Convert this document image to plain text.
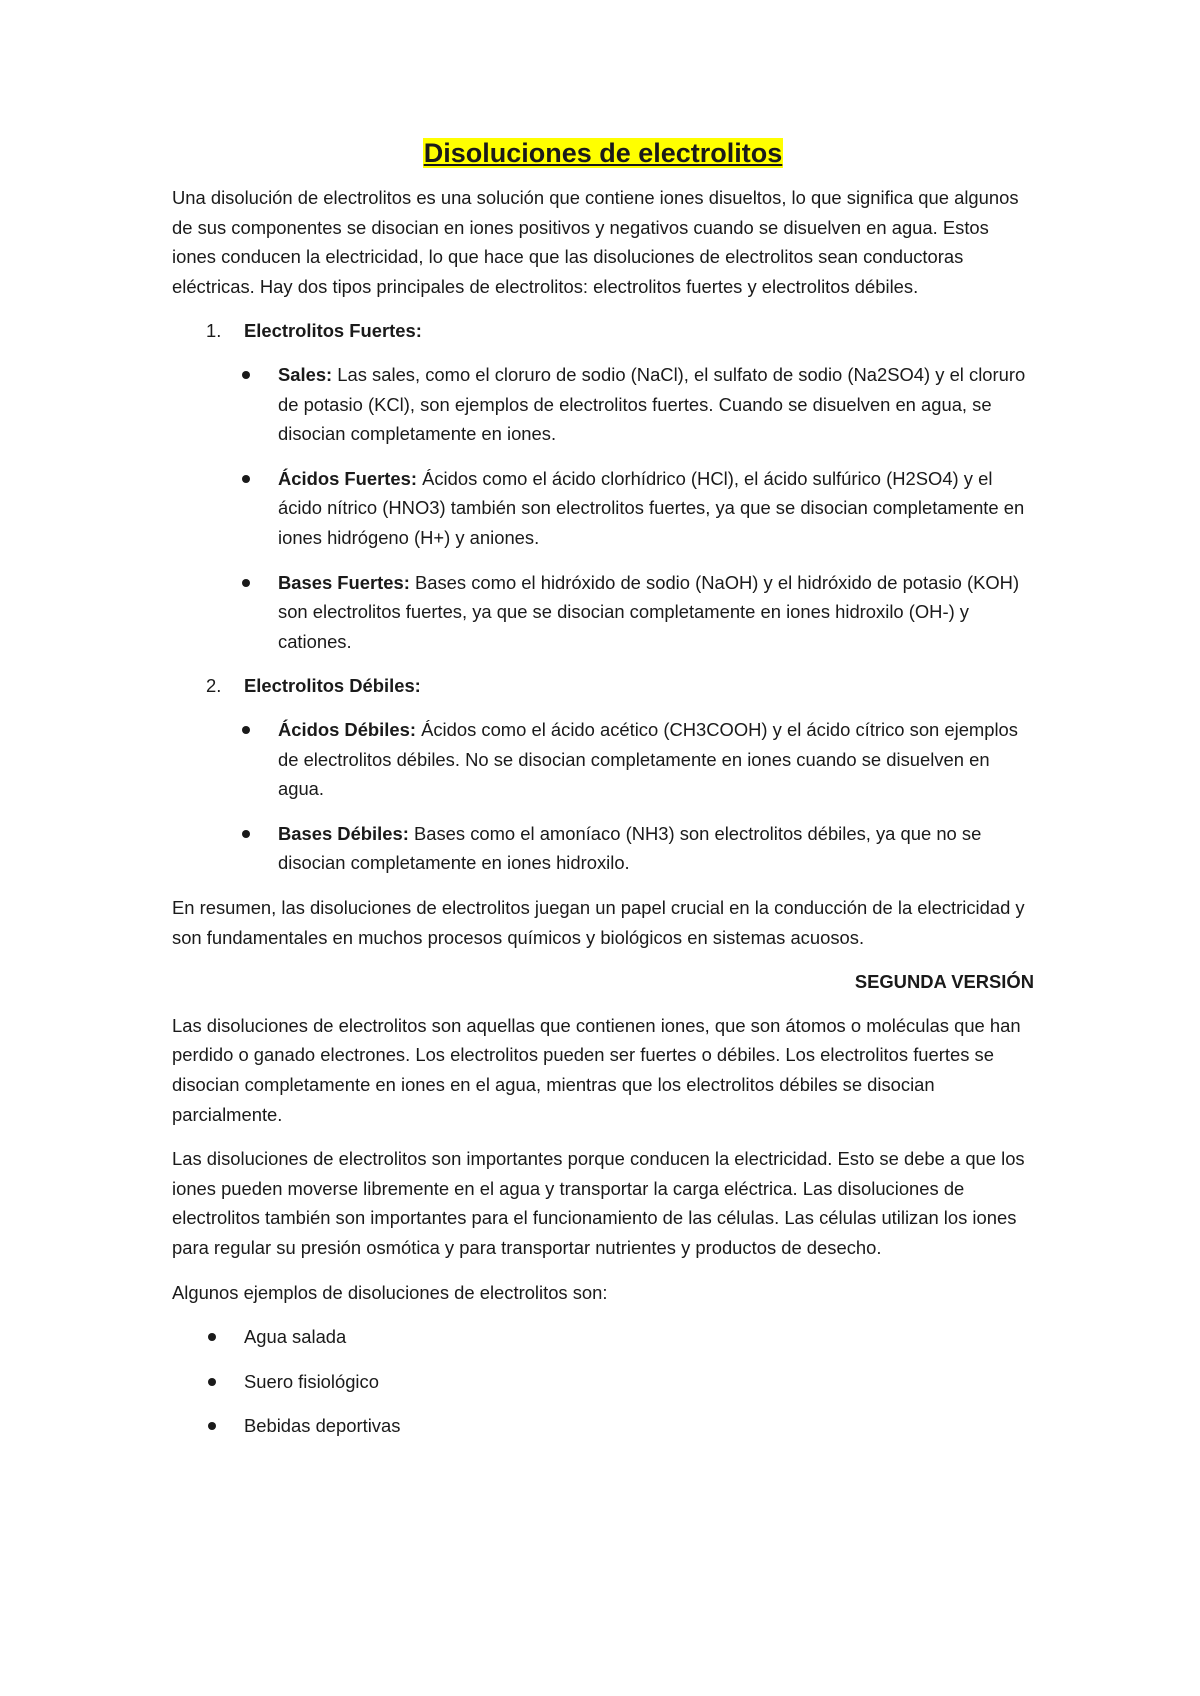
Disoluciones de electrolitos

Una disolución de electrolitos es una solución que contiene iones disueltos, lo que significa que algunos de sus componentes se disocian en iones positivos y negativos cuando se disuelven en agua. Estos iones conducen la electricidad, lo que hace que las disoluciones de electrolitos sean conductoras eléctricas. Hay dos tipos principales de electrolitos: electrolitos fuertes y electrolitos débiles.

1. Electrolitos Fuertes:

Sales: Las sales, como el cloruro de sodio (NaCl), el sulfato de sodio (Na2SO4) y el cloruro de potasio (KCl), son ejemplos de electrolitos fuertes. Cuando se disuelven en agua, se disocian completamente en iones.

Ácidos Fuertes: Ácidos como el ácido clorhídrico (HCl), el ácido sulfúrico (H2SO4) y el ácido nítrico (HNO3) también son electrolitos fuertes, ya que se disocian completamente en iones hidrógeno (H+) y aniones.

Bases Fuertes: Bases como el hidróxido de sodio (NaOH) y el hidróxido de potasio (KOH) son electrolitos fuertes, ya que se disocian completamente en iones hidroxilo (OH-) y cationes.

2. Electrolitos Débiles:

Ácidos Débiles: Ácidos como el ácido acético (CH3COOH) y el ácido cítrico son ejemplos de electrolitos débiles. No se disocian completamente en iones cuando se disuelven en agua.

Bases Débiles: Bases como el amoníaco (NH3) son electrolitos débiles, ya que no se disocian completamente en iones hidroxilo.

En resumen, las disoluciones de electrolitos juegan un papel crucial en la conducción de la electricidad y son fundamentales en muchos procesos químicos y biológicos en sistemas acuosos.

SEGUNDA VERSIÓN

Las disoluciones de electrolitos son aquellas que contienen iones, que son átomos o moléculas que han perdido o ganado electrones. Los electrolitos pueden ser fuertes o débiles. Los electrolitos fuertes se disocian completamente en iones en el agua, mientras que los electrolitos débiles se disocian parcialmente.

Las disoluciones de electrolitos son importantes porque conducen la electricidad. Esto se debe a que los iones pueden moverse libremente en el agua y transportar la carga eléctrica. Las disoluciones de electrolitos también son importantes para el funcionamiento de las células. Las células utilizan los iones para regular su presión osmótica y para transportar nutrientes y productos de desecho.

Algunos ejemplos de disoluciones de electrolitos son:

Agua salada

Suero fisiológico

Bebidas deportivas
